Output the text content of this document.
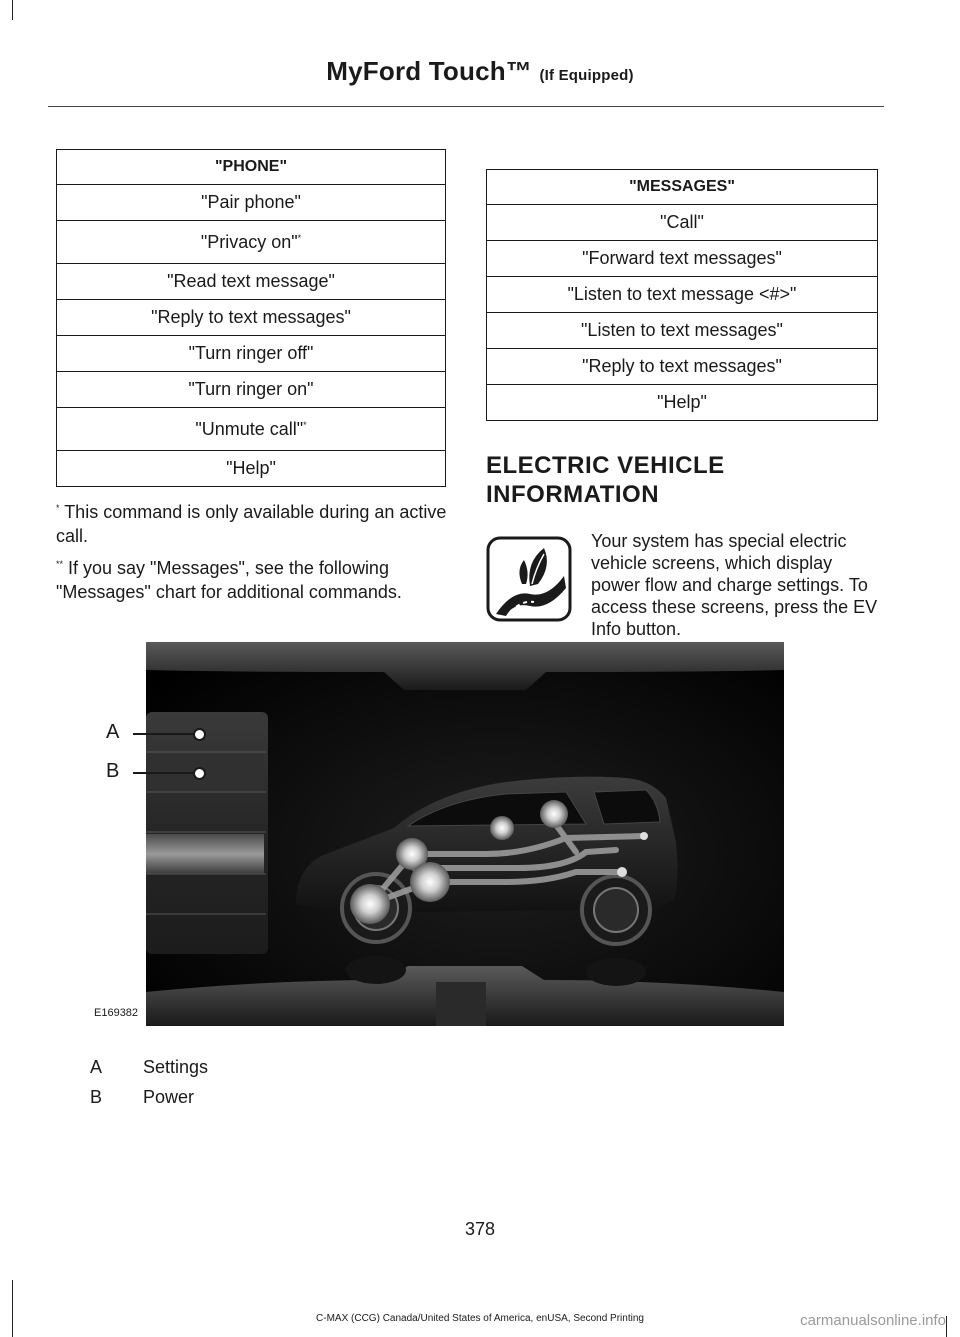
MyFord Touch™ (If Equipped)
"PHONE"
"Pair phone"
"Privacy on"*
"Read text message"
"Reply to text messages"
"Turn ringer off"
"Turn ringer on"
"Unmute call"*
"Help"
* This command is only available during an active call.
** If you say "Messages", see the following "Messages" chart for additional commands.
"MESSAGES"
"Call"
"Forward text messages"
"Listen to text message <#>"
"Listen to text messages"
"Reply to text messages"
"Help"
ELECTRIC VEHICLE INFORMATION
Your system has special electric vehicle screens, which display power flow and charge settings. To access these screens, press the EV Info button.
A
B
E169382
A Settings
B Power
378
C-MAX (CCG) Canada/United States of America, enUSA, Second Printing	carmanualsonline.info
